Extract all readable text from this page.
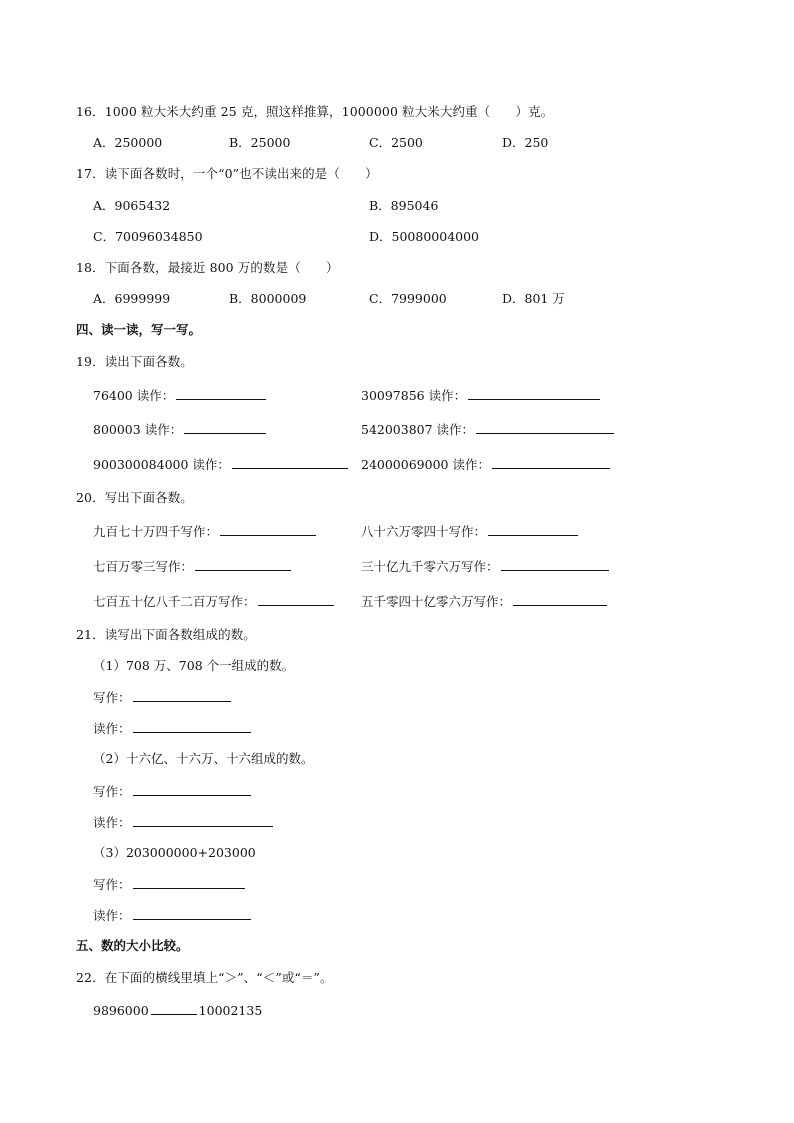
16．1000 粒大米大约重 25 克，照这样推算，1000000 粒大米大约重（　　）克。
A．250000	B．25000	C．2500	D．250
17．读下面各数时，一个“0”也不读出来的是（　　）
A．9065432	B．895046
C．70096034850	D．50080004000
18．下面各数，最接近 800 万的数是（　　）
A．6999999	B．8000009	C．7999000	D．801 万
四、读一读，写一写。
19．读出下面各数。
76400 读作：	30097856 读作：
800003 读作：	542003807 读作：
900300084000 读作：	24000069000 读作：
20．写出下面各数。
九百七十万四千写作：	八十六万零四十写作：
七百万零三写作：	三十亿九千零六万写作：
七百五十亿八千二百万写作：	五千零四十亿零六万写作：
21．读写出下面各数组成的数。
（1）708 万、708 个一组成的数。
写作：
读作：
（2）十六亿、十六万、十六组成的数。
写作：
读作：
（3）203000000+203000
写作：
读作：
五、数的大小比较。
22．在下面的横线里填上“＞”、“＜”或“＝”。
9896000	10002135
